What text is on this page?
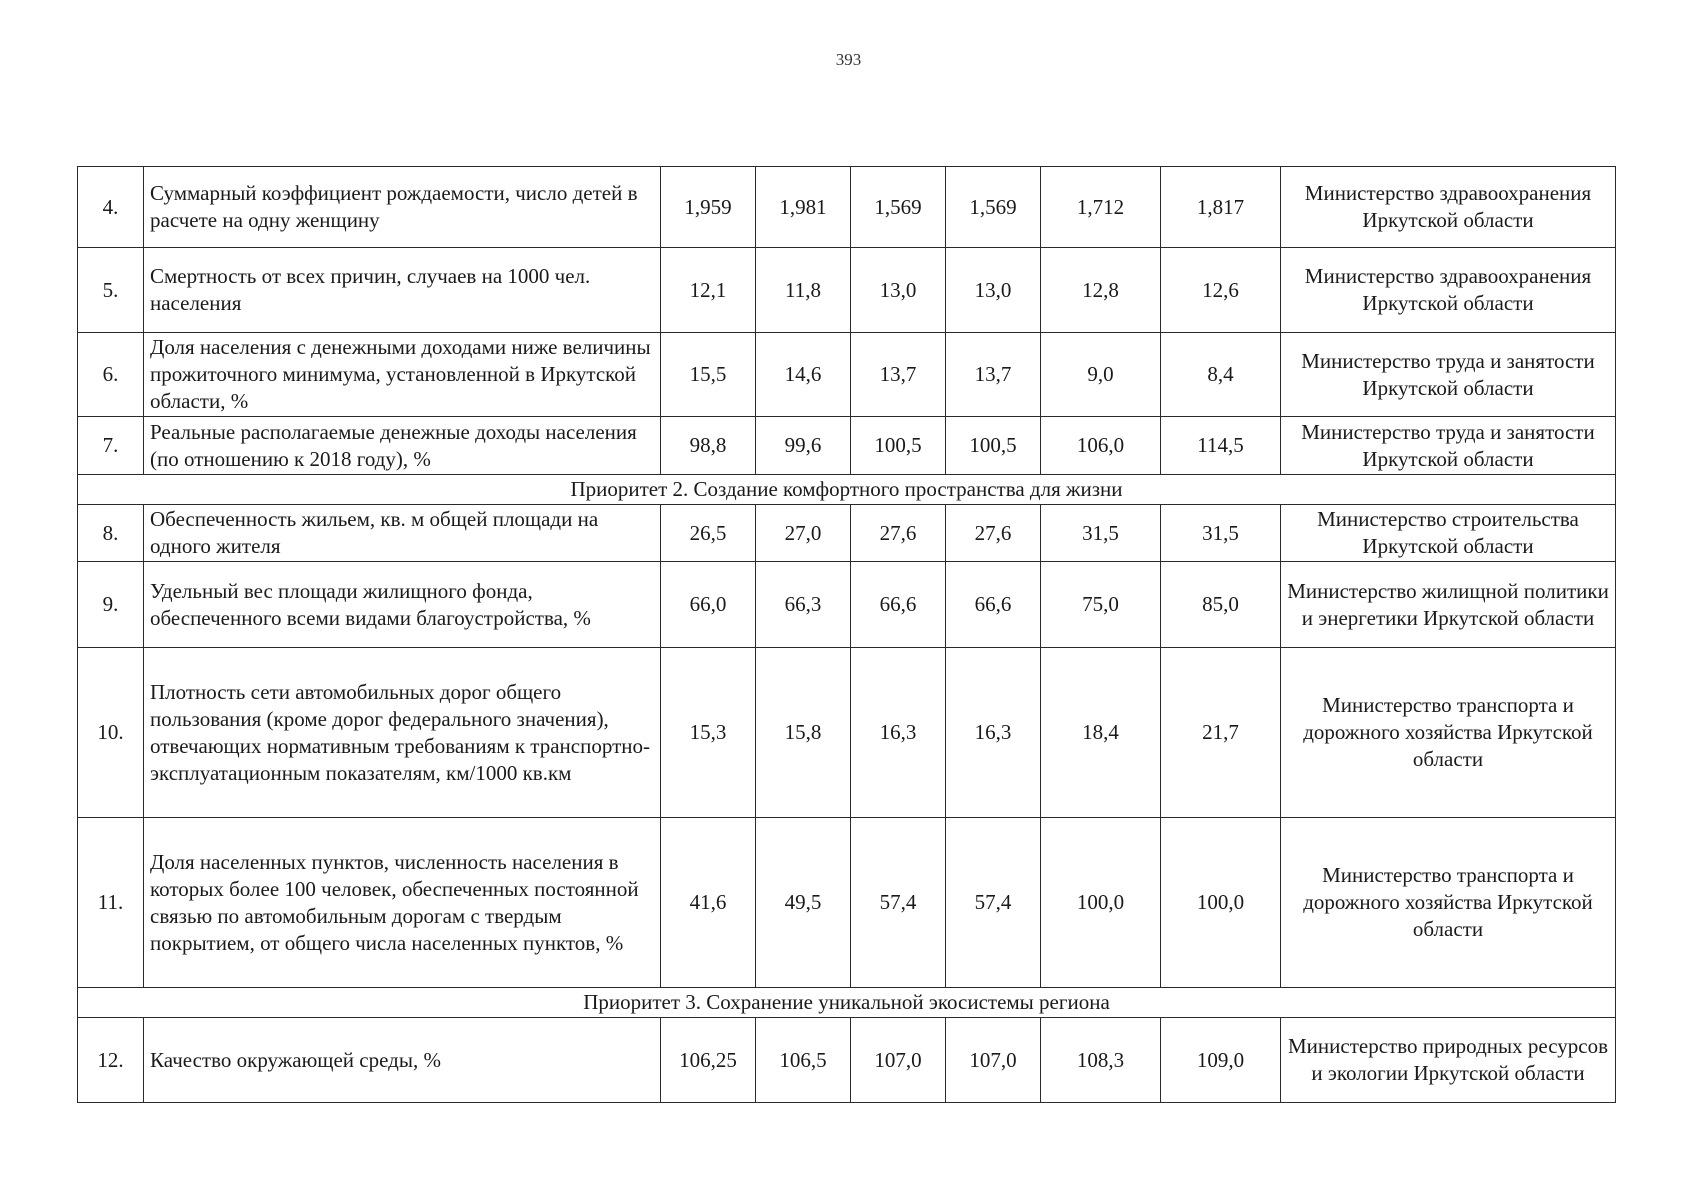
393
4.	Суммарный коэффициент рождаемости, число детей в расчете на одну женщину	1,959	1,981	1,569	1,569	1,712	1,817	Министерство здравоохранения Иркутской области
5.	Смертность от всех причин, случаев на 1000 чел. населения	12,1	11,8	13,0	13,0	12,8	12,6	Министерство здравоохранения Иркутской области
6.	Доля населения с денежными доходами ниже величины прожиточного минимума, установленной в Иркутской области, %	15,5	14,6	13,7	13,7	9,0	8,4	Министерство труда и занятости Иркутской области
7.	Реальные располагаемые денежные доходы населения (по отношению к 2018 году), %	98,8	99,6	100,5	100,5	106,0	114,5	Министерство труда и занятости Иркутской области
Приоритет 2. Создание комфортного пространства для жизни								
8.	Обеспеченность жильем, кв. м общей площади на одного жителя	26,5	27,0	27,6	27,6	31,5	31,5	Министерство строительства Иркутской области
9.	Удельный вес площади жилищного фонда, обеспеченного всеми видами благоустройства, %	66,0	66,3	66,6	66,6	75,0	85,0	Министерство жилищной политики и энергетики Иркутской области
10.	Плотность сети автомобильных дорог общего пользования (кроме дорог федерального значения), отвечающих нормативным требованиям к транспортно-эксплуатационным показателям, км/1000 кв.км	15,3	15,8	16,3	16,3	18,4	21,7	Министерство транспорта и дорожного хозяйства Иркутской области
11.	Доля населенных пунктов, численность населения в которых более 100 человек, обеспеченных постоянной связью по автомобильным дорогам с твердым покрытием, от общего числа населенных пунктов, %	41,6	49,5	57,4	57,4	100,0	100,0	Министерство транспорта и дорожного хозяйства Иркутской области
Приоритет 3. Сохранение уникальной экосистемы региона								
12.	Качество окружающей среды, %	106,25	106,5	107,0	107,0	108,3	109,0	Министерство природных ресурсов и экологии Иркутской области
